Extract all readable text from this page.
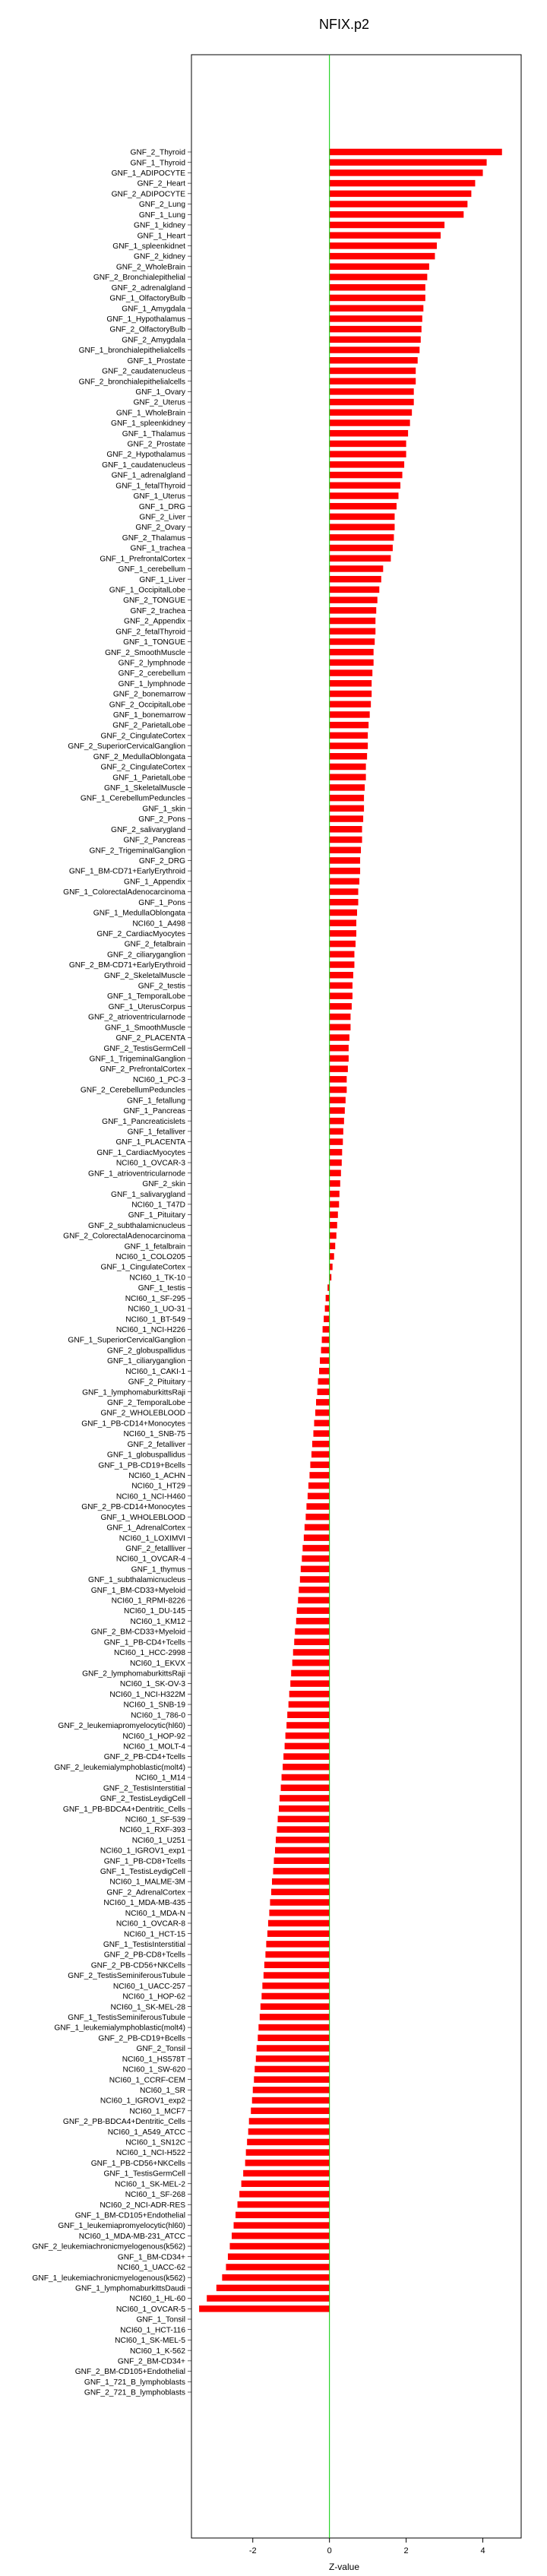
NFIX.p2
GNF_2_Thyroid
GNF_1_Thyroid
GNF_1_ADIPOCYTE
GNF_2_Heart
GNF_2_ADIPOCYTE
GNF_2_Lung
GNF_1_Lung
GNF_1_kidney
GNF_1_Heart
GNF_1_spleenkidnet
GNF_2_kidney
GNF_2_WholeBrain
GNF_2_Bronchialepithelial
GNF_2_adrenalgland
GNF_1_OlfactoryBulb
GNF_1_Amygdala
GNF_1_Hypothalamus
GNF_2_OlfactoryBulb
GNF_2_Amygdala
GNF_1_bronchialepithelialcells
GNF_1_Prostate
GNF_2_caudatenucleus
GNF_2_bronchialepithelialcells
GNF_1_Ovary
GNF_2_Uterus
GNF_1_WholeBrain
GNF_1_spleenkidney
GNF_1_Thalamus
GNF_2_Prostate
GNF_2_Hypothalamus
GNF_1_caudatenucleus
GNF_1_adrenalgland
GNF_1_fetalThyroid
GNF_1_Uterus
GNF_1_DRG
GNF_2_Liver
GNF_2_Ovary
GNF_2_Thalamus
GNF_1_trachea
GNF_1_PrefrontalCortex
GNF_1_cerebellum
GNF_1_Liver
GNF_1_OccipitalLobe
GNF_2_TONGUE
GNF_2_trachea
GNF_2_Appendix
GNF_2_fetalThyroid
GNF_1_TONGUE
GNF_2_SmoothMuscle
GNF_2_lymphnode
GNF_2_cerebellum
GNF_1_lymphnode
GNF_2_bonemarrow
GNF_2_OccipitalLobe
GNF_1_bonemarrow
GNF_2_ParietalLobe
GNF_2_CingulateCortex
GNF_2_SuperiorCervicalGanglion
GNF_2_MedullaOblongata
GNF_2_CingulateCortex
GNF_1_ParietalLobe
GNF_1_SkeletalMuscle
GNF_1_CerebellumPeduncles
GNF_1_skin
GNF_2_Pons
GNF_2_salivarygland
GNF_2_Pancreas
GNF_2_TrigeminalGanglion
GNF_2_DRG
GNF_1_BM-CD71+EarlyErythroid
GNF_1_Appendix
GNF_1_ColorectalAdenocarcinoma
GNF_1_Pons
GNF_1_MedullaOblongata
NCI60_1_A498
GNF_2_CardiacMyocytes
GNF_2_fetalbrain
GNF_2_ciliaryganglion
GNF_2_BM-CD71+EarlyErythroid
GNF_2_SkeletalMuscle
GNF_2_testis
GNF_1_TemporalLobe
GNF_1_UterusCorpus
GNF_2_atrioventricularnode
GNF_1_SmoothMuscle
GNF_2_PLACENTA
GNF_2_TestisGermCell
GNF_1_TrigeminalGanglion
GNF_2_PrefrontalCortex
NCI60_1_PC-3
GNF_2_CerebellumPeduncles
GNF_1_fetallung
GNF_1_Pancreas
GNF_1_Pancreaticislets
GNF_1_fetalliver
GNF_1_PLACENTA
GNF_1_CardiacMyocytes
NCI60_1_OVCAR-3
GNF_1_atrioventricularnode
GNF_2_skin
GNF_1_salivarygland
NCI60_1_T47D
GNF_1_Pituitary
GNF_2_subthalamicnucleus
GNF_2_ColorectalAdenocarcinoma
GNF_1_fetalbrain
NCI60_1_COLO205
GNF_1_CingulateCortex
NCI60_1_TK-10
GNF_1_testis
NCI60_1_SF-295
NCI60_1_UO-31
NCI60_1_BT-549
NCI60_1_NCI-H226
GNF_1_SuperiorCervicalGanglion
GNF_2_globuspallidus
GNF_1_ciliaryganglion
NCI60_1_CAKI-1
GNF_2_Pituitary
GNF_1_lymphomaburkittsRaji
GNF_2_TemporalLobe
GNF_2_WHOLEBLOOD
GNF_1_PB-CD14+Monocytes
NCI60_1_SNB-75
GNF_2_fetalliver
GNF_1_globuspallidus
GNF_1_PB-CD19+Bcells
NCI60_1_ACHN
NCI60_1_HT29
NCI60_1_NCI-H460
GNF_2_PB-CD14+Monocytes
GNF_1_WHOLEBLOOD
GNF_1_AdrenalCortex
NCI60_1_LOXIMVI
GNF_2_fetallliver
NCI60_1_OVCAR-4
GNF_1_thymus
GNF_1_subthalamicnucleus
GNF_1_BM-CD33+Myeloid
NCI60_1_RPMI-8226
NCI60_1_DU-145
NCI60_1_KM12
GNF_2_BM-CD33+Myeloid
GNF_1_PB-CD4+Tcells
NCI60_1_HCC-2998
NCI60_1_EKVX
GNF_2_lymphomaburkittsRaji
NCI60_1_SK-OV-3
NCI60_1_NCI-H322M
NCI60_1_SNB-19
NCI60_1_786-0
GNF_2_leukemiapromyelocytic(hl60)
NCI60_1_HOP-92
NCI60_1_MOLT-4
GNF_2_PB-CD4+Tcells
GNF_2_leukemialymphoblastic(molt4)
NCI60_1_M14
GNF_2_TestisInterstitial
GNF_2_TestisLeydigCell
GNF_1_PB-BDCA4+Dentritic_Cells
NCI60_1_SF-539
NCI60_1_RXF-393
NCI60_1_U251
NCI60_1_IGROV1_exp1
GNF_1_PB-CD8+Tcells
GNF_1_TestisLeydigCell
NCI60_1_MALME-3M
GNF_2_AdrenalCortex
NCI60_1_MDA-MB-435
NCI60_1_MDA-N
NCI60_1_OVCAR-8
NCI60_1_HCT-15
GNF_1_TestisInterstitial
GNF_2_PB-CD8+Tcells
GNF_2_PB-CD56+NKCells
GNF_2_TestisSeminiferousTubule
NCI60_1_UACC-257
NCI60_1_HOP-62
NCI60_1_SK-MEL-28
GNF_1_TestisSeminiferousTubule
GNF_1_leukemialymphoblastic(molt4)
GNF_2_PB-CD19+Bcells
GNF_2_Tonsil
NCI60_1_HS578T
NCI60_1_SW-620
NCI60_1_CCRF-CEM
NCI60_1_SR
NCI60_1_IGROV1_exp2
NCI60_1_MCF7
GNF_2_PB-BDCA4+Dentritic_Cells
NCI60_1_A549_ATCC
NCI60_1_SN12C
NCI60_1_NCI-H522
GNF_1_PB-CD56+NKCells
GNF_1_TestisGermCell
NCI60_1_SK-MEL-2
NCI60_1_SF-268
NCI60_2_NCI-ADR-RES
GNF_1_BM-CD105+Endothelial
GNF_1_leukemiapromyelocytic(hl60)
NCI60_1_MDA-MB-231_ATCC
GNF_2_leukemiachronicmyelogenous(k562)
GNF_1_BM-CD34+
NCI60_1_UACC-62
GNF_1_leukemiachronicmyelogenous(k562)
GNF_1_lymphomaburkittsDaudi
NCI60_1_HL-60
NCI60_1_OVCAR-5
GNF_1_Tonsil
NCI60_1_HCT-116
NCI60_1_SK-MEL-5
NCI60_1_K-562
GNF_2_BM-CD34+
GNF_2_BM-CD105+Endothelial
GNF_1_721_B_lymphoblasts
GNF_2_721_B_lymphoblasts
-2	0	2	4
Z-value
